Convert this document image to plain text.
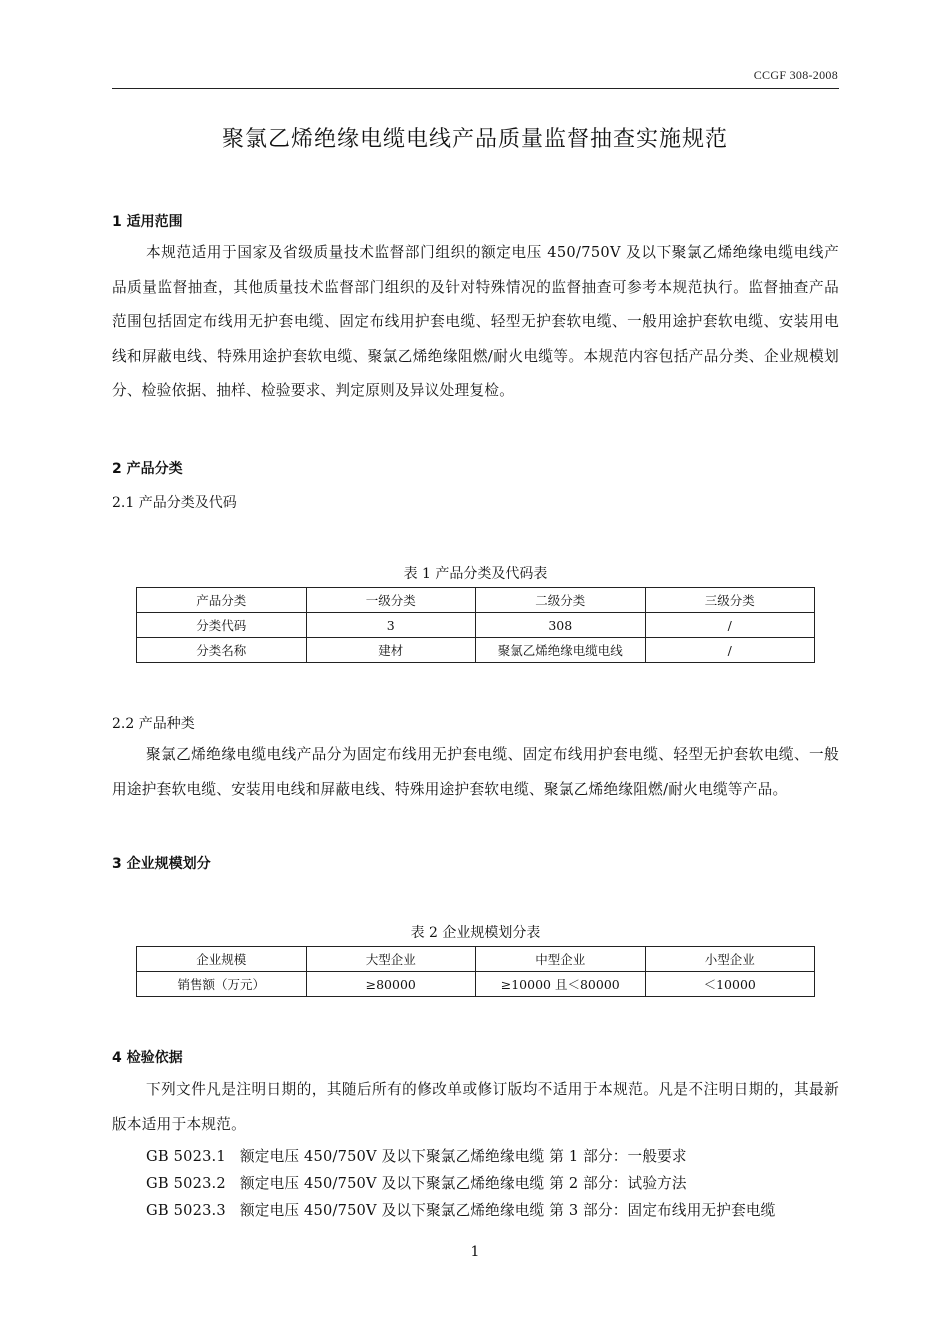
CCGF 308-2008
聚氯乙烯绝缘电缆电线产品质量监督抽查实施规范
1 适用范围

本规范适用于国家及省级质量技术监督部门组织的额定电压 450/750V 及以下聚氯乙烯绝缘电缆电线产品质量监督抽查，其他质量技术监督部门组织的及针对特殊情况的监督抽查可参考本规范执行。监督抽查产品范围包括固定布线用无护套电缆、固定布线用护套电缆、轻型无护套软电缆、一般用途护套软电缆、安装用电线和屏蔽电线、特殊用途护套软电缆、聚氯乙烯绝缘阻燃/耐火电缆等。本规范内容包括产品分类、企业规模划分、检验依据、抽样、检验要求、判定原则及异议处理复检。

2 产品分类
2.1 产品分类及代码
表 1 产品分类及代码表
产品分类	一级分类	二级分类	三级分类
分类代码	3	308	/
分类名称	建材	聚氯乙烯绝缘电缆电线	/
2.2 产品种类

聚氯乙烯绝缘电缆电线产品分为固定布线用无护套电缆、固定布线用护套电缆、轻型无护套软电缆、一般用途护套软电缆、安装用电线和屏蔽电线、特殊用途护套软电缆、聚氯乙烯绝缘阻燃/耐火电缆等产品。

3 企业规模划分
表 2 企业规模划分表
企业规模	大型企业	中型企业	小型企业
销售额（万元）	≥80000	≥10000 且＜80000	＜10000
4 检验依据

下列文件凡是注明日期的，其随后所有的修改单或修订版均不适用于本规范。凡是不注明日期的，其最新版本适用于本规范。

GB 5023.1 额定电压 450/750V 及以下聚氯乙烯绝缘电缆 第 1 部分：一般要求
GB 5023.2 额定电压 450/750V 及以下聚氯乙烯绝缘电缆 第 2 部分：试验方法
GB 5023.3 额定电压 450/750V 及以下聚氯乙烯绝缘电缆 第 3 部分：固定布线用无护套电缆
1
